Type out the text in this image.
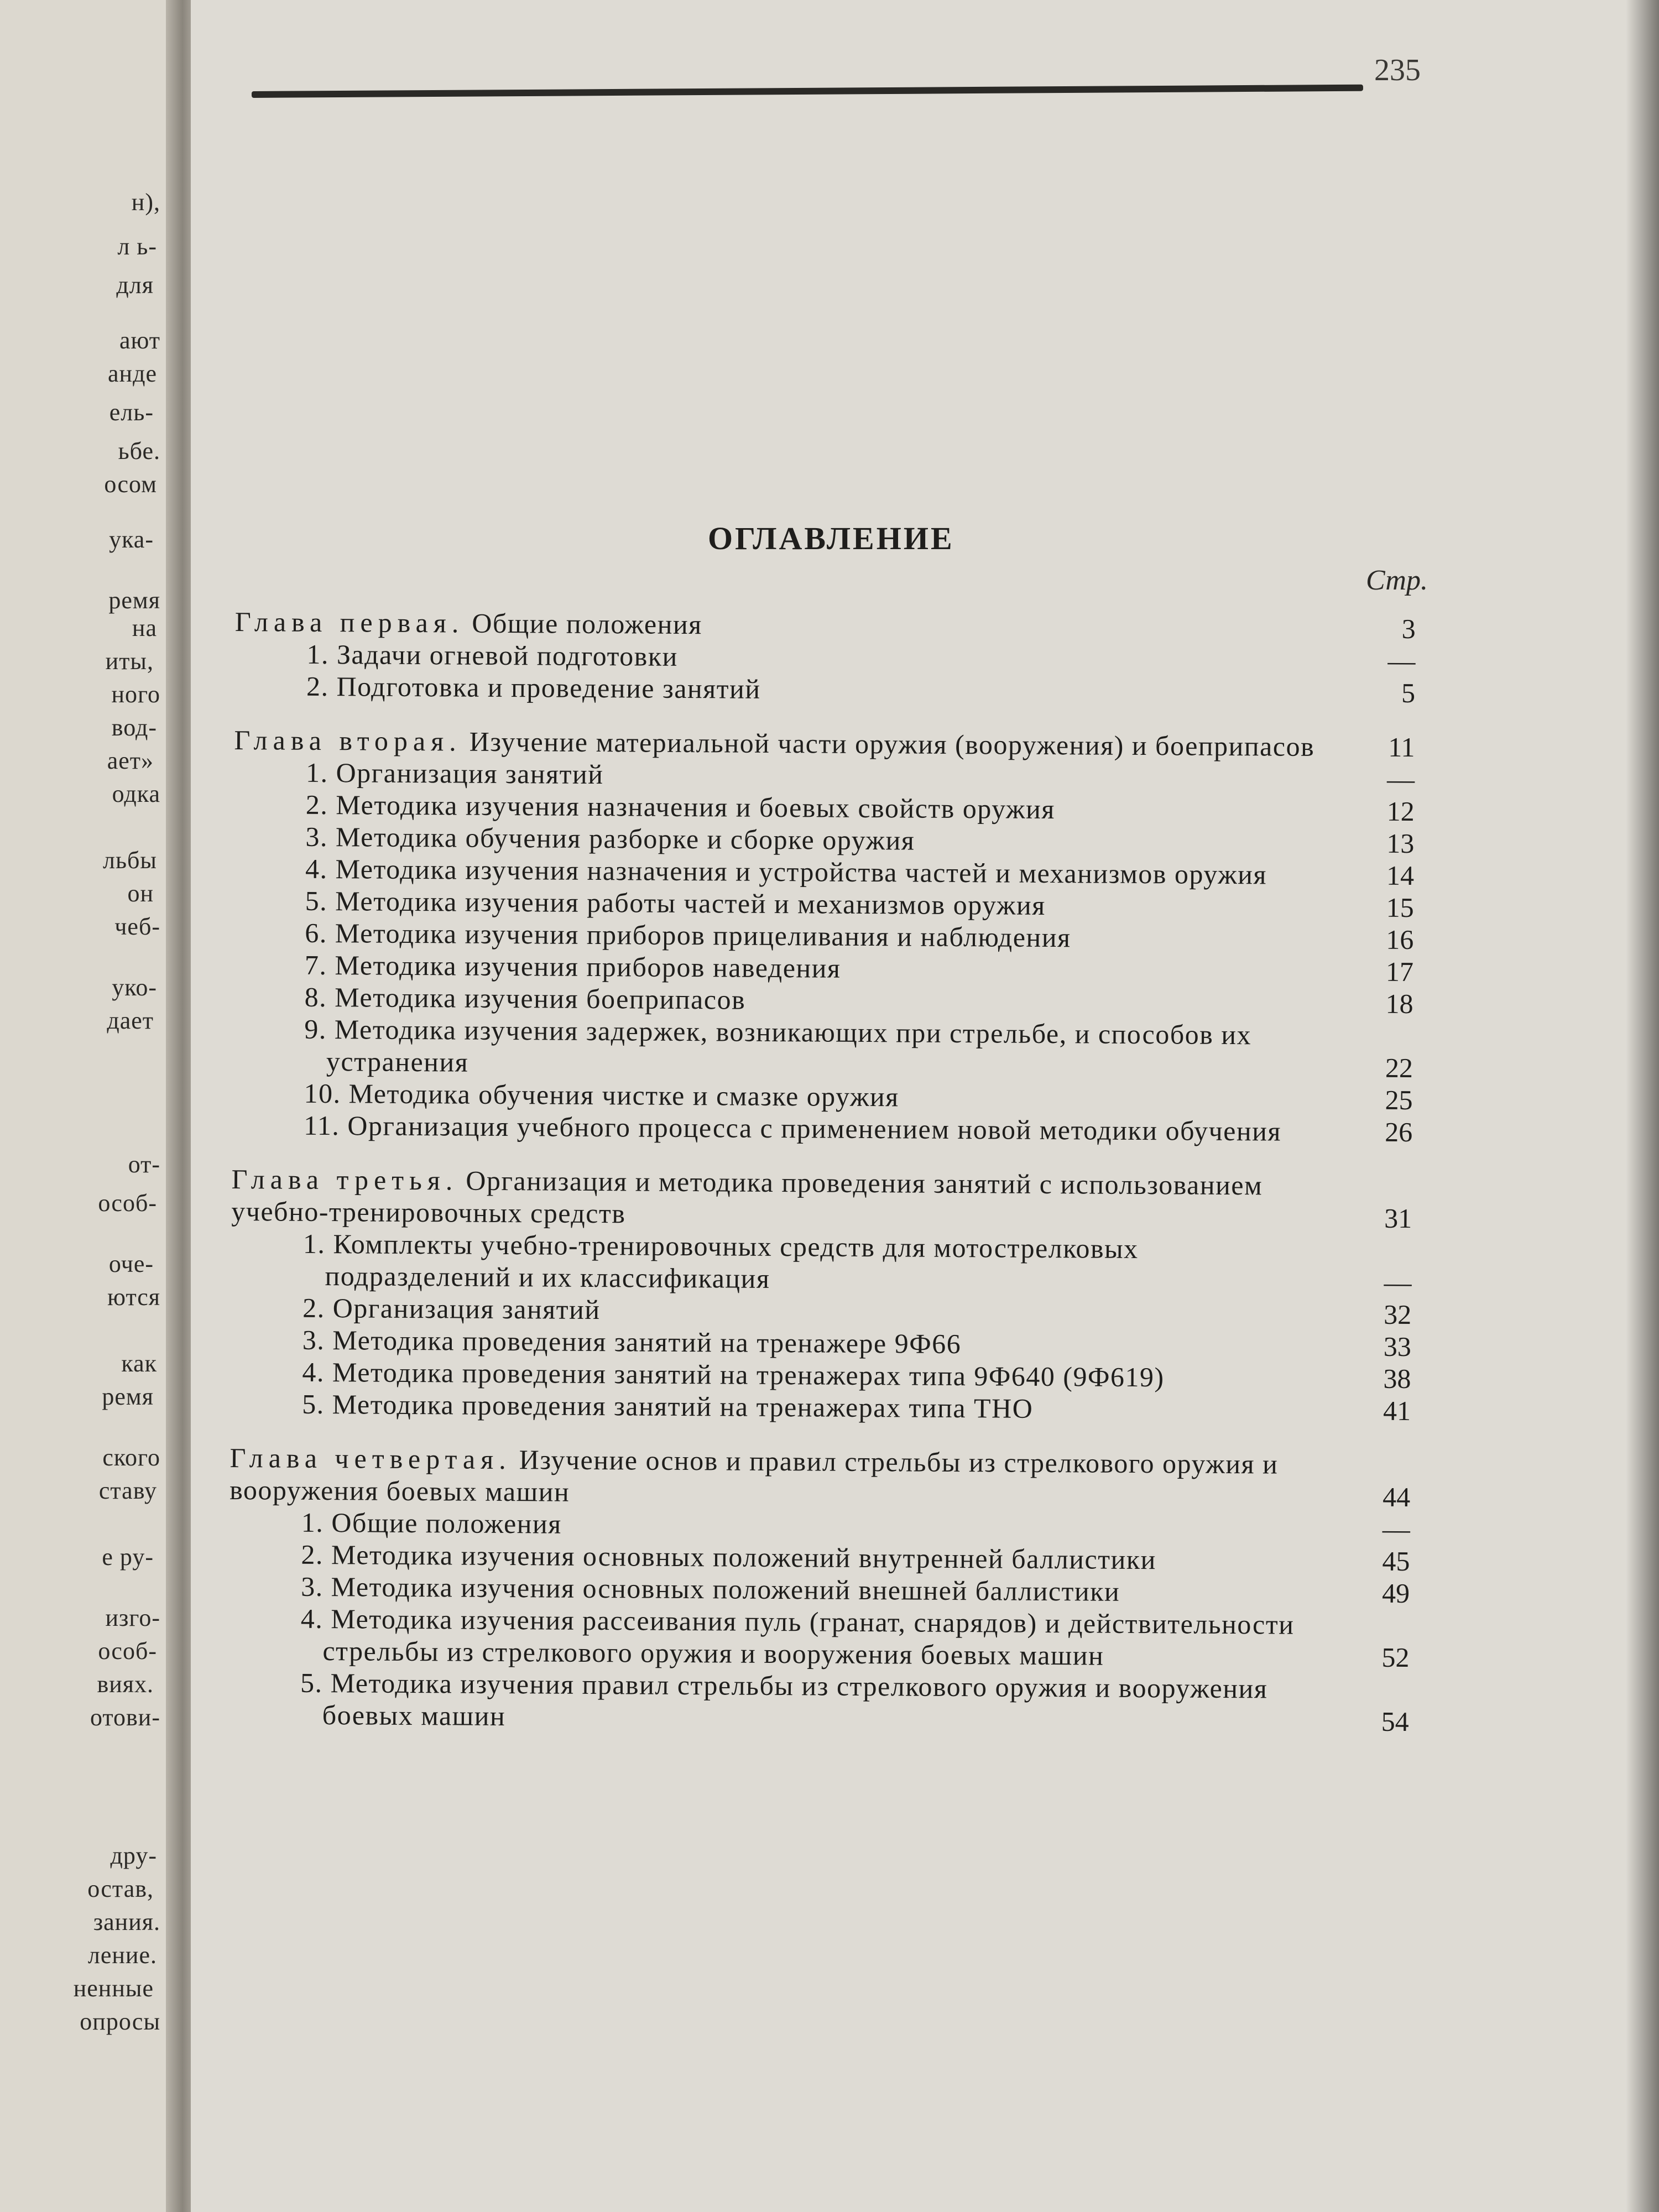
н),
л ь-
для
ают
анде
ель-
ьбе.
осом
ука-
ремя
на
иты,
ного
вод-
ает»
одка
льбы
он
чеб-
уко-
дает
от-
особ-
оче-
ются
как
ремя
ского
ставу
е ру-
изго-
особ-
виях.
отови-
дру-
остав,
зания.
ление.
ненные
опросы
235
ОГЛАВЛЕНИЕ
Стр.
Глава первая. Общие положения	3
1. Задачи огневой подготовки	—
2. Подготовка и проведение занятий	5
Глава вторая. Изучение материальной части оружия (вооружения) и боеприпасов	11
1. Организация занятий	—
2. Методика изучения назначения и боевых свойств оружия	12
3. Методика обучения разборке и сборке оружия	13
4. Методика изучения назначения и устройства частей и механизмов оружия	14
5. Методика изучения работы частей и механизмов оружия	15
6. Методика изучения приборов прицеливания и наблюдения	16
7. Методика изучения приборов наведения	17
8. Методика изучения боеприпасов	18
9. Методика изучения задержек, возникающих при стрельбе, и способов их устранения	22
10. Методика обучения чистке и смазке оружия	25
11. Организация учебного процесса с применением новой методики обучения	26
Глава третья. Организация и методика проведения занятий с использованием учебно-тренировочных средств	31
1. Комплекты учебно-тренировочных средств для мотострелковых подразделений и их классификация	—
2. Организация занятий	32
3. Методика проведения занятий на тренажере 9Ф66	33
4. Методика проведения занятий на тренажерах типа 9Ф640 (9Ф619)	38
5. Методика проведения занятий на тренажерах типа ТНО	41
Глава четвертая. Изучение основ и правил стрельбы из стрелкового оружия и вооружения боевых машин	44
1. Общие положения	—
2. Методика изучения основных положений внутренней баллистики	45
3. Методика изучения основных положений внешней баллистики	49
4. Методика изучения рассеивания пуль (гранат, снарядов) и действительности стрельбы из стрелкового оружия и вооружения боевых машин	52
5. Методика изучения правил стрельбы из стрелкового оружия и вооружения боевых машин	54
